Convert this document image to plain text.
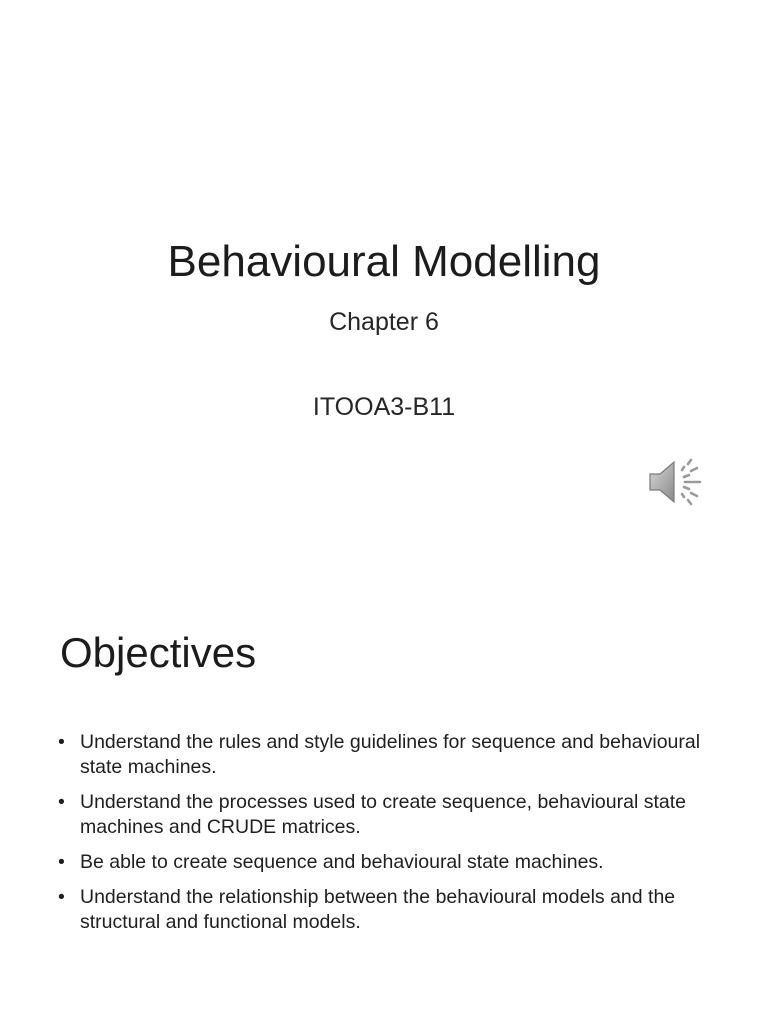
Behavioural Modelling
Chapter 6
ITOOA3-B11
Objectives
• Understand the rules and style guidelines for sequence and behavioural state machines.
• Understand the processes used to create sequence, behavioural state machines and CRUDE matrices.
• Be able to create sequence and behavioural state machines.
• Understand the relationship between the behavioural models and the structural and functional models.
